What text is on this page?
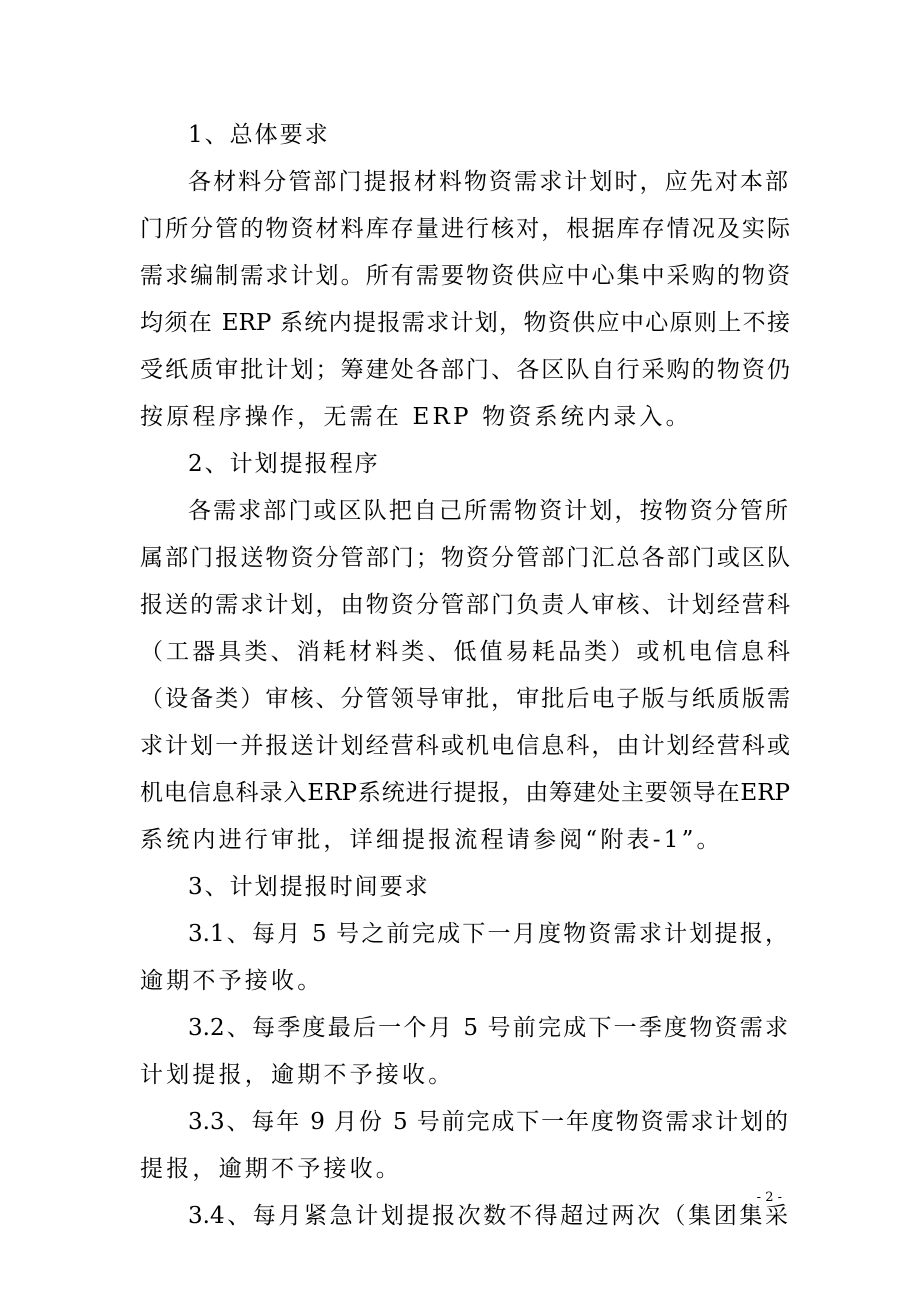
1、总体要求
各材料分管部门提报材料物资需求计划时，应先对本部
门所分管的物资材料库存量进行核对，根据库存情况及实际
需求编制需求计划。所有需要物资供应中心集中采购的物资
均须在 ERP 系统内提报需求计划，物资供应中心原则上不接
受纸质审批计划；筹建处各部门、各区队自行采购的物资仍
按原程序操作，无需在 ERP 物资系统内录入。
2、计划提报程序
各需求部门或区队把自己所需物资计划，按物资分管所
属部门报送物资分管部门；物资分管部门汇总各部门或区队
报送的需求计划，由物资分管部门负责人审核、计划经营科
（工器具类、消耗材料类、低值易耗品类）或机电信息科
（设备类）审核、分管领导审批，审批后电子版与纸质版需
求计划一并报送计划经营科或机电信息科，由计划经营科或
机电信息科录入ERP系统进行提报，由筹建处主要领导在ERP
系统内进行审批，详细提报流程请参阅“附表-1”。
3、计划提报时间要求
3.1、每月 5 号之前完成下一月度物资需求计划提报，
逾期不予接收。
3.2、每季度最后一个月 5 号前完成下一季度物资需求
计划提报，逾期不予接收。
3.3、每年 9 月份 5 号前完成下一年度物资需求计划的
提报，逾期不予接收。
3.4、每月紧急计划提报次数不得超过两次（集团集采
- 2 -
